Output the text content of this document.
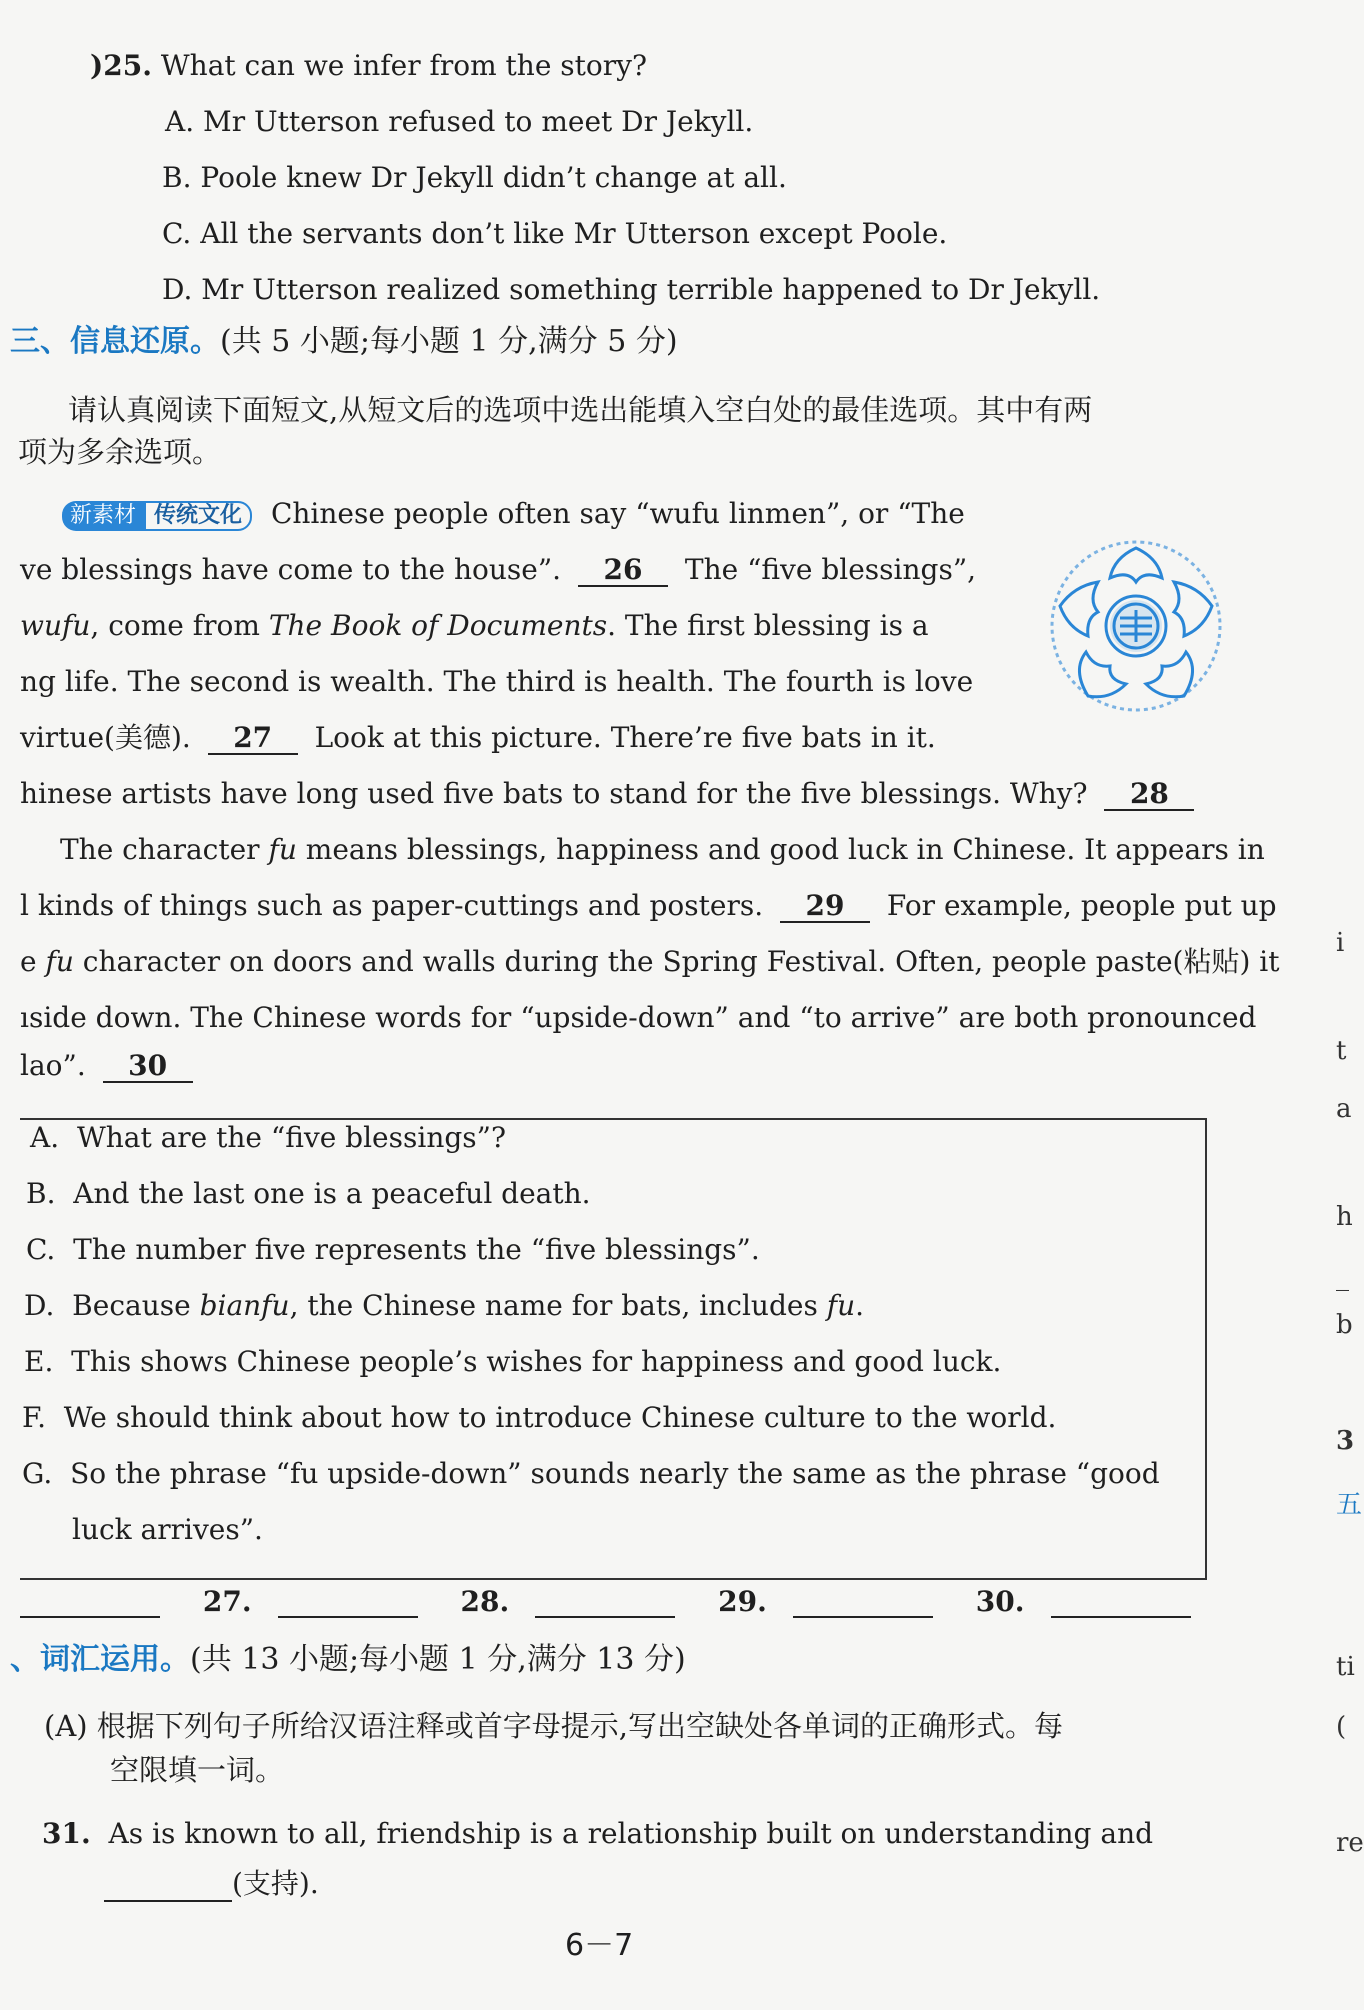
)25. What can we infer from the story?
A. Mr Utterson refused to meet Dr Jekyll.
B. Poole knew Dr Jekyll didn’t change at all.
C. All the servants don’t like Mr Utterson except Poole.
D. Mr Utterson realized something terrible happened to Dr Jekyll.
三、信息还原。(共 5 小题;每小题 1 分,满分 5 分)
请认真阅读下面短文,从短文后的选项中选出能填入空白处的最佳选项。其中有两
项为多余选项。
新素材 传统文化	Chinese people often say “wufu linmen”, or “The
ve blessings have come to the house”. 26 The “five blessings”,
wufu, come from The Book of Documents. The first blessing is a
ng life. The second is wealth. The third is health. The fourth is love
virtue(美德). 27 Look at this picture. There’re five bats in it.
hinese artists have long used five bats to stand for the five blessings. Why? 28
The character fu means blessings, happiness and good luck in Chinese. It appears in
l kinds of things such as paper-cuttings and posters. 29 For example, people put up
e fu character on doors and walls during the Spring Festival. Often, people paste(粘贴) it
ıside down. The Chinese words for “upside-down” and “to arrive” are both pronounced
lao”. 30
A. What are the “five blessings”?
B. And the last one is a peaceful death.
C. The number five represents the “five blessings”.
D. Because bianfu, the Chinese name for bats, includes fu.
E. This shows Chinese people’s wishes for happiness and good luck.
F. We should think about how to introduce Chinese culture to the world.
G. So the phrase “fu upside-down” sounds nearly the same as the phrase “good
luck arrives”.
27.	28.	29.	30.
、词汇运用。(共 13 小题;每小题 1 分,满分 13 分)
(A) 根据下列句子所给汉语注释或首字母提示,写出空缺处各单词的正确形式。每
空限填一词。
31. As is known to all, friendship is a relationship built on understanding and
(支持).
6－7
i
t
a
h
_
b
3
五
ti
(
re
